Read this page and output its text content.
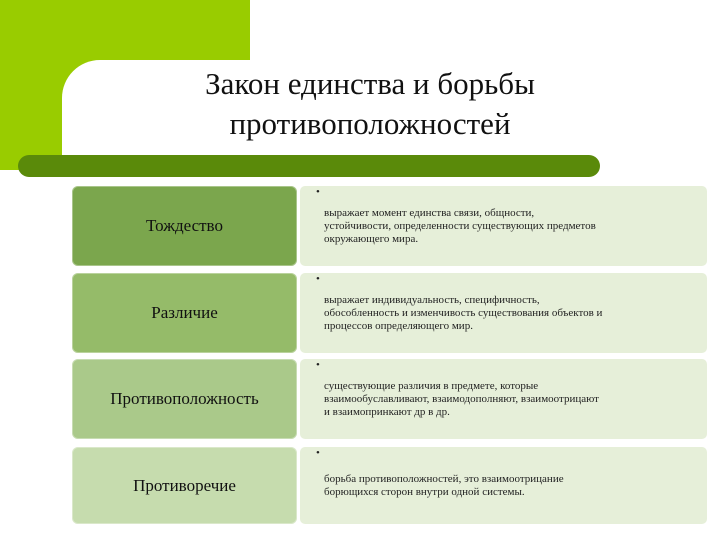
Закон единства и борьбы
противоположностей
Тождество
•
выражает момент единства связи, общности,
устойчивости, определенности существующих предметов
окружающего мира.
Различие
•
выражает индивидуальность, специфичность,
обособленность и изменчивость существования объектов и
процессов определяющего мир.
Противоположность
•
существующие различия в предмете, которые
взаимообуславливают, взаимодополняют, взаимоотрицают
и взаимопринкают др в др.
Противоречие
•
борьба противоположностей, это взаимоотрицание
борющихся сторон внутри одной системы.
